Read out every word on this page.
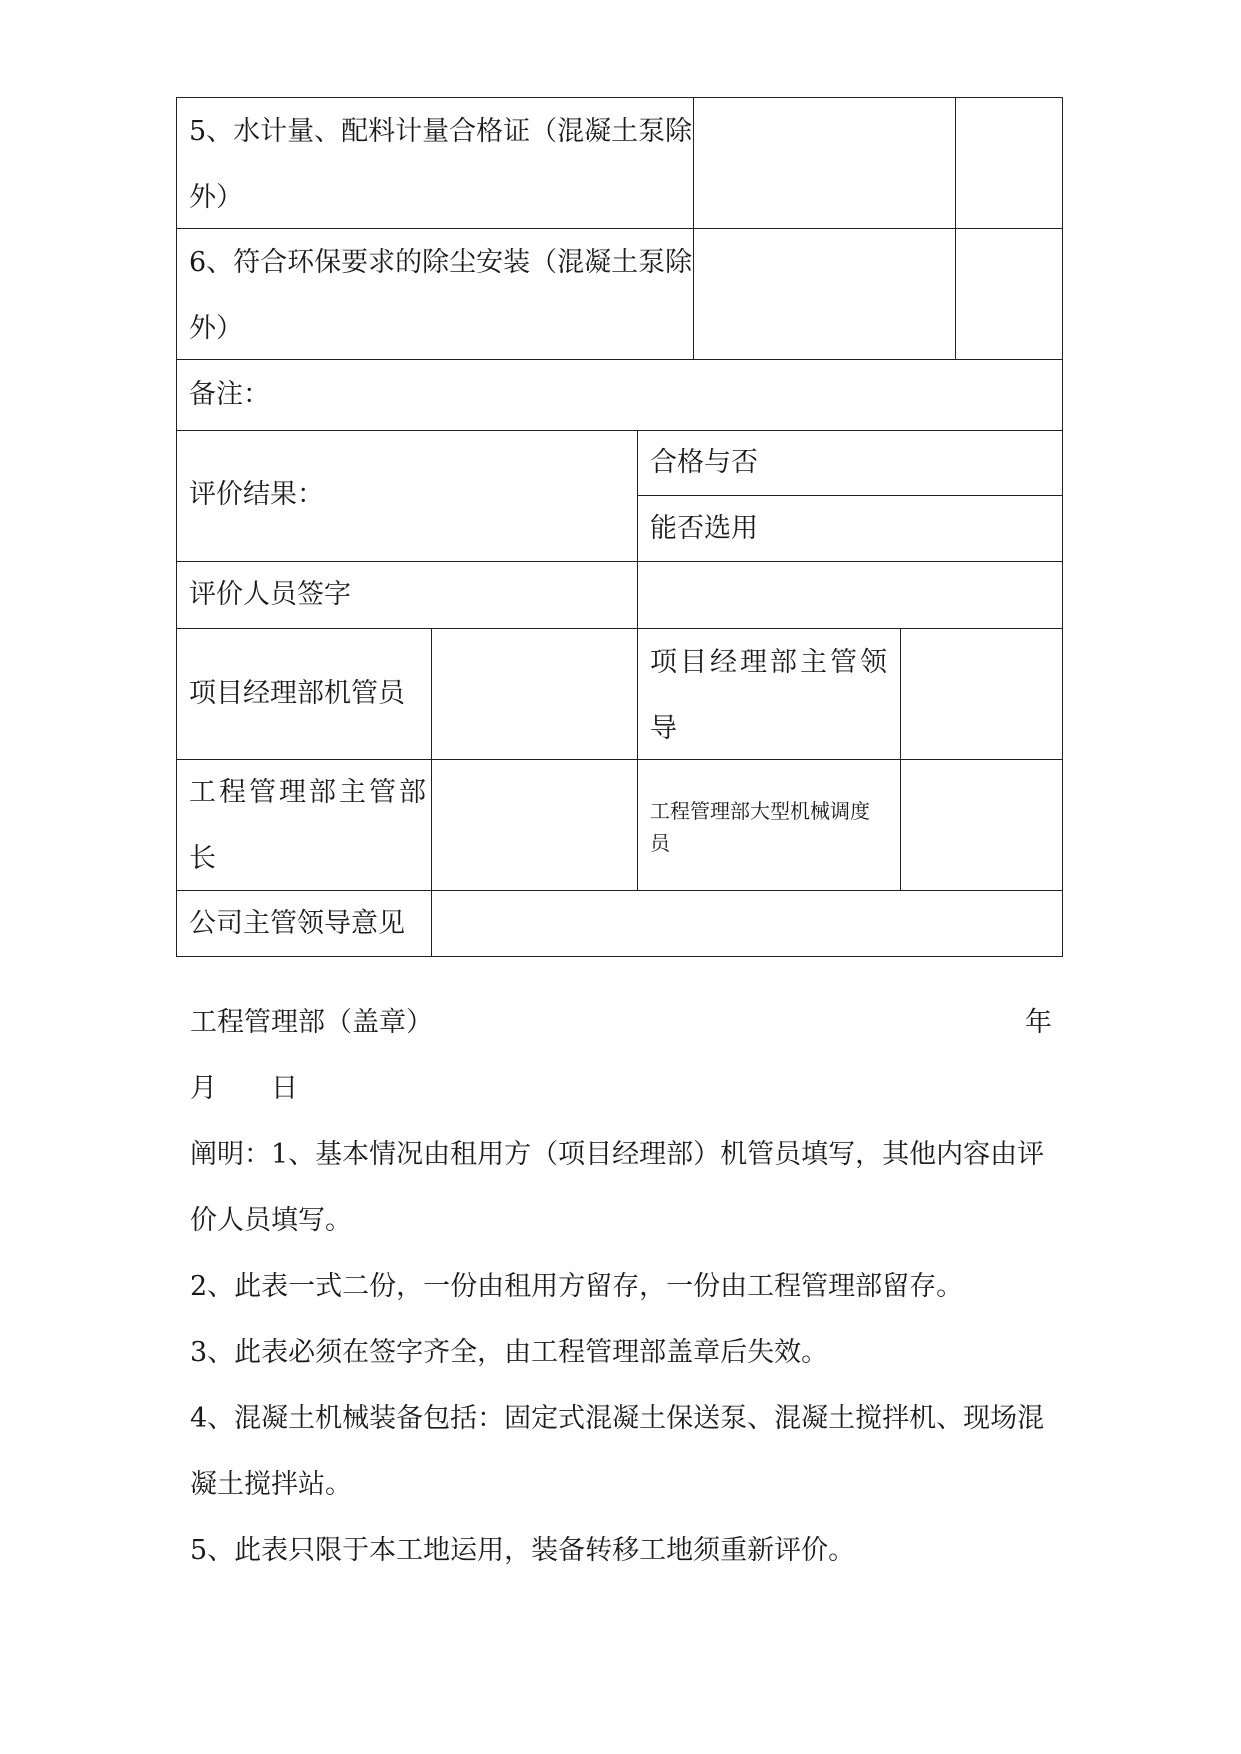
5、水计量、配料计量合格证（混凝土泵除
外）
6、符合环保要求的除尘安装（混凝土泵除
外）
备注：
评价结果：
合格与否
能否选用
评价人员签字
项目经理部机管员
项目经理部主管领
导
工程管理部主管部
长
工程管理部大型机械调度
员
公司主管领导意见
工程管理部（盖章）	年
月　　日
阐明：1、基本情况由租用方（项目经理部）机管员填写，其他内容由评
价人员填写。
2、此表一式二份，一份由租用方留存，一份由工程管理部留存。
3、此表必须在签字齐全，由工程管理部盖章后失效。
4、混凝土机械装备包括：固定式混凝土保送泵、混凝土搅拌机、现场混
凝土搅拌站。
5、此表只限于本工地运用，装备转移工地须重新评价。
